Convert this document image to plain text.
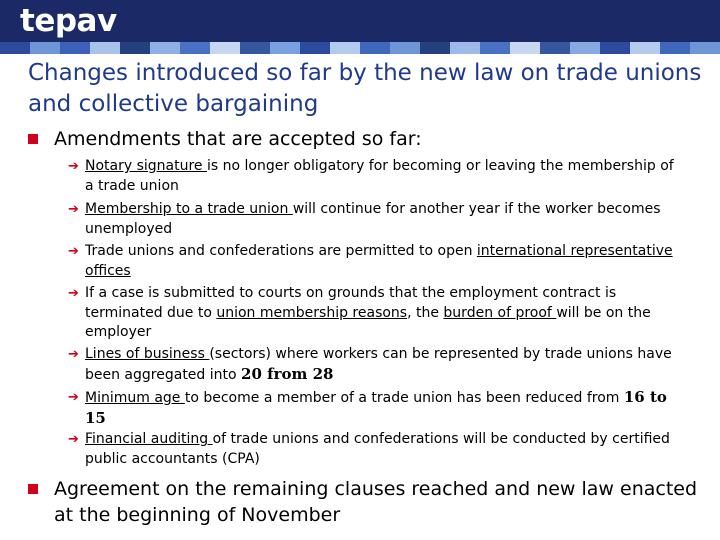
tepav
Changes introduced so far by the new law on trade unions and collective bargaining
Amendments that are accepted so far:
➔ Notary signature is no longer obligatory for becoming or leaving the membership of a trade union
➔ Membership to a trade union will continue for another year if the worker becomes unemployed
➔ Trade unions and confederations are permitted to open international representative offices
➔ If a case is submitted to courts on grounds that the employment contract is terminated due to union membership reasons, the burden of proof will be on the employer
➔ Lines of business (sectors) where workers can be represented by trade unions have been aggregated into 20 from 28
➔ Minimum age to become a member of a trade union has been reduced from 16 to 15
➔ Financial auditing of trade unions and confederations will be conducted by certified public accountants (CPA)
Agreement on the remaining clauses reached and new law enacted at the beginning of November
